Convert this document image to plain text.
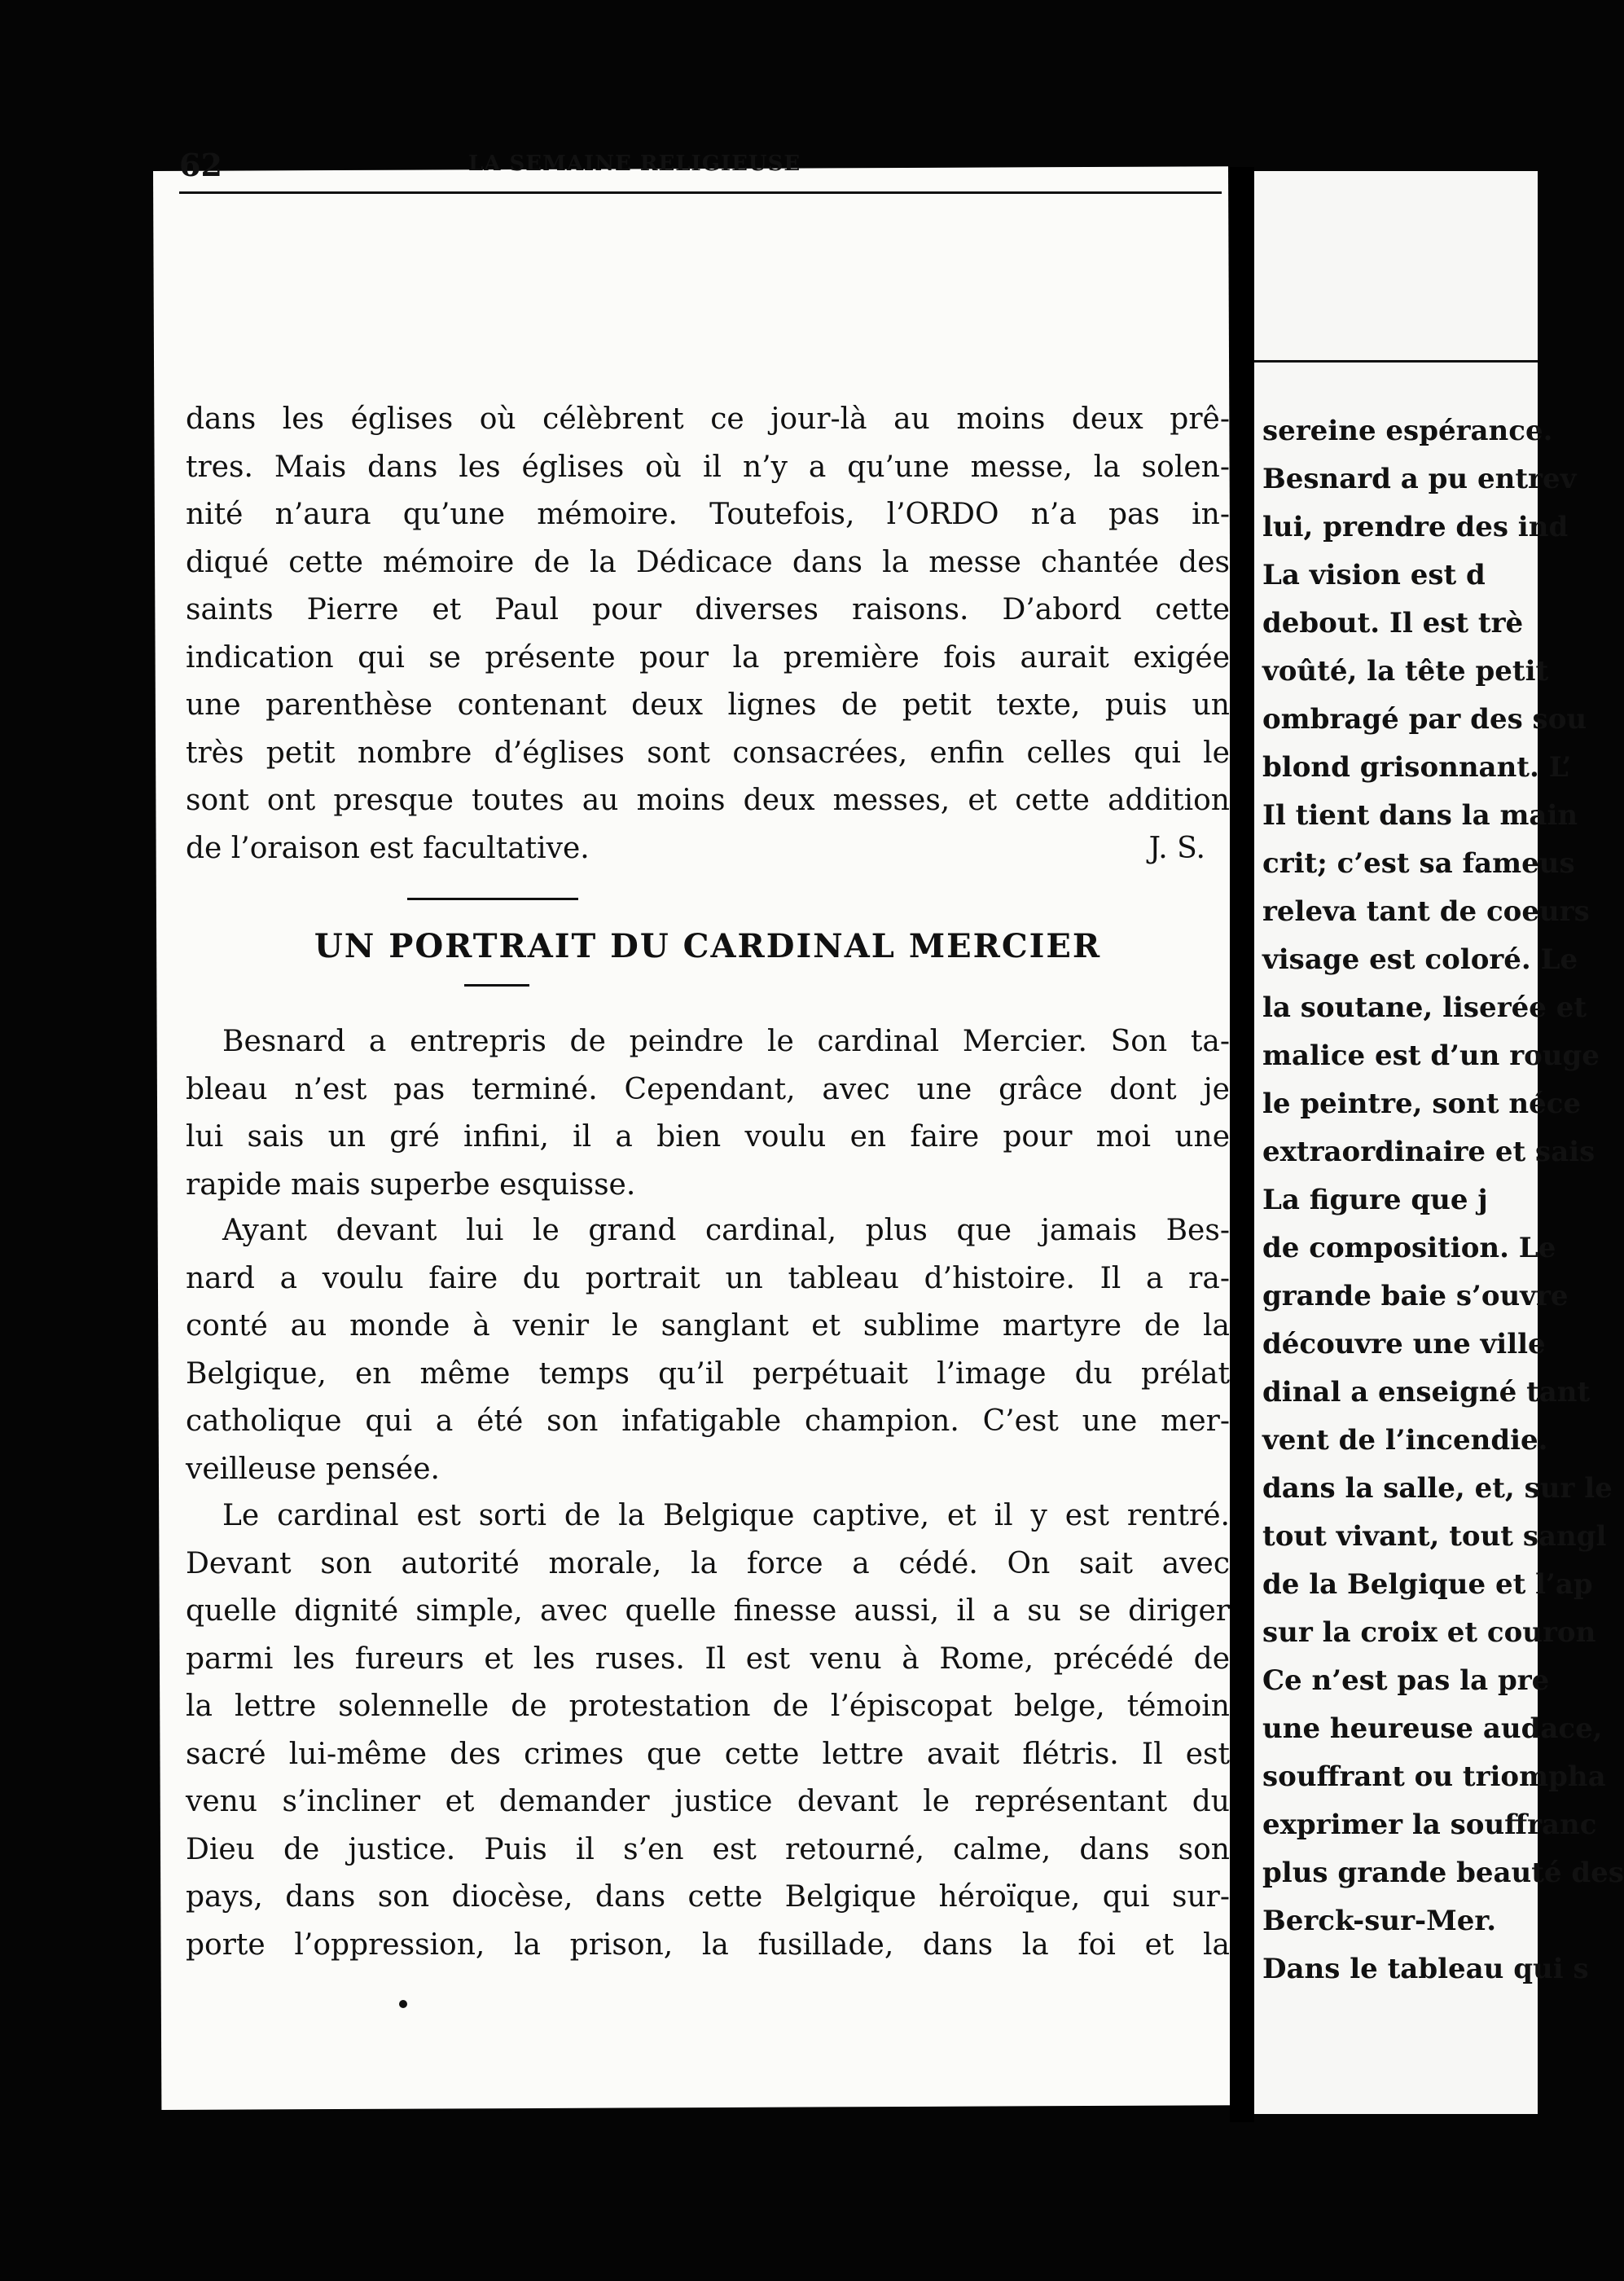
sereine espérance.
Besnard a pu entrev
lui, prendre des ind
La vision est d
debout. Il est trè
voûté, la tête petit
ombragé par des sou
blond grisonnant. L’
Il tient dans la main
crit; c’est sa fameus
releva tant de coeurs
visage est coloré. Le
la soutane, liserée et
malice est d’un rouge
le peintre, sont néce
extraordinaire et sais
La figure que j
de composition. Le
grande baie s’ouvre
découvre une ville
dinal a enseigné tant
vent de l’incendie.
dans la salle, et, sur le
tout vivant, tout sangl
de la Belgique et l’ap
sur la croix et couron
Ce n’est pas la pre
une heureuse audace,
souffrant ou triompha
exprimer la souffranc
plus grande beauté des
Berck-sur-Mer.
Dans le tableau qui s
62	LA SEMAINE RELIGIEUSE
dans les églises où célèbrent ce jour-là au moins deux prê-
tres. Mais dans les églises où il n’y a qu’une messe, la solen-
nité n’aura qu’une mémoire. Toutefois, l’ORDO n’a pas in-
diqué cette mémoire de la Dédicace dans la messe chantée des
saints Pierre et Paul pour diverses raisons. D’abord cette
indication qui se présente pour la première fois aurait exigée
une parenthèse contenant deux lignes de petit texte, puis un
très petit nombre d’églises sont consacrées, enfin celles qui le
sont ont presque toutes au moins deux messes, et cette addition
de l’oraison est facultative.	J. S.
UN PORTRAIT DU CARDINAL MERCIER
Besnard a entrepris de peindre le cardinal Mercier. Son ta-
bleau n’est pas terminé. Cependant, avec une grâce dont je
lui sais un gré infini, il a bien voulu en faire pour moi une
rapide mais superbe esquisse.
Ayant devant lui le grand cardinal, plus que jamais Bes-
nard a voulu faire du portrait un tableau d’histoire. Il a ra-
conté au monde à venir le sanglant et sublime martyre de la
Belgique, en même temps qu’il perpétuait l’image du prélat
catholique qui a été son infatigable champion. C’est une mer-
veilleuse pensée.
Le cardinal est sorti de la Belgique captive, et il y est rentré.
Devant son autorité morale, la force a cédé. On sait avec
quelle dignité simple, avec quelle finesse aussi, il a su se diriger
parmi les fureurs et les ruses. Il est venu à Rome, précédé de
la lettre solennelle de protestation de l’épiscopat belge, témoin
sacré lui-même des crimes que cette lettre avait flétris. Il est
venu s’incliner et demander justice devant le représentant du
Dieu de justice. Puis il s’en est retourné, calme, dans son
pays, dans son diocèse, dans cette Belgique héroïque, qui sur-
porte l’oppression, la prison, la fusillade, dans la foi et la
